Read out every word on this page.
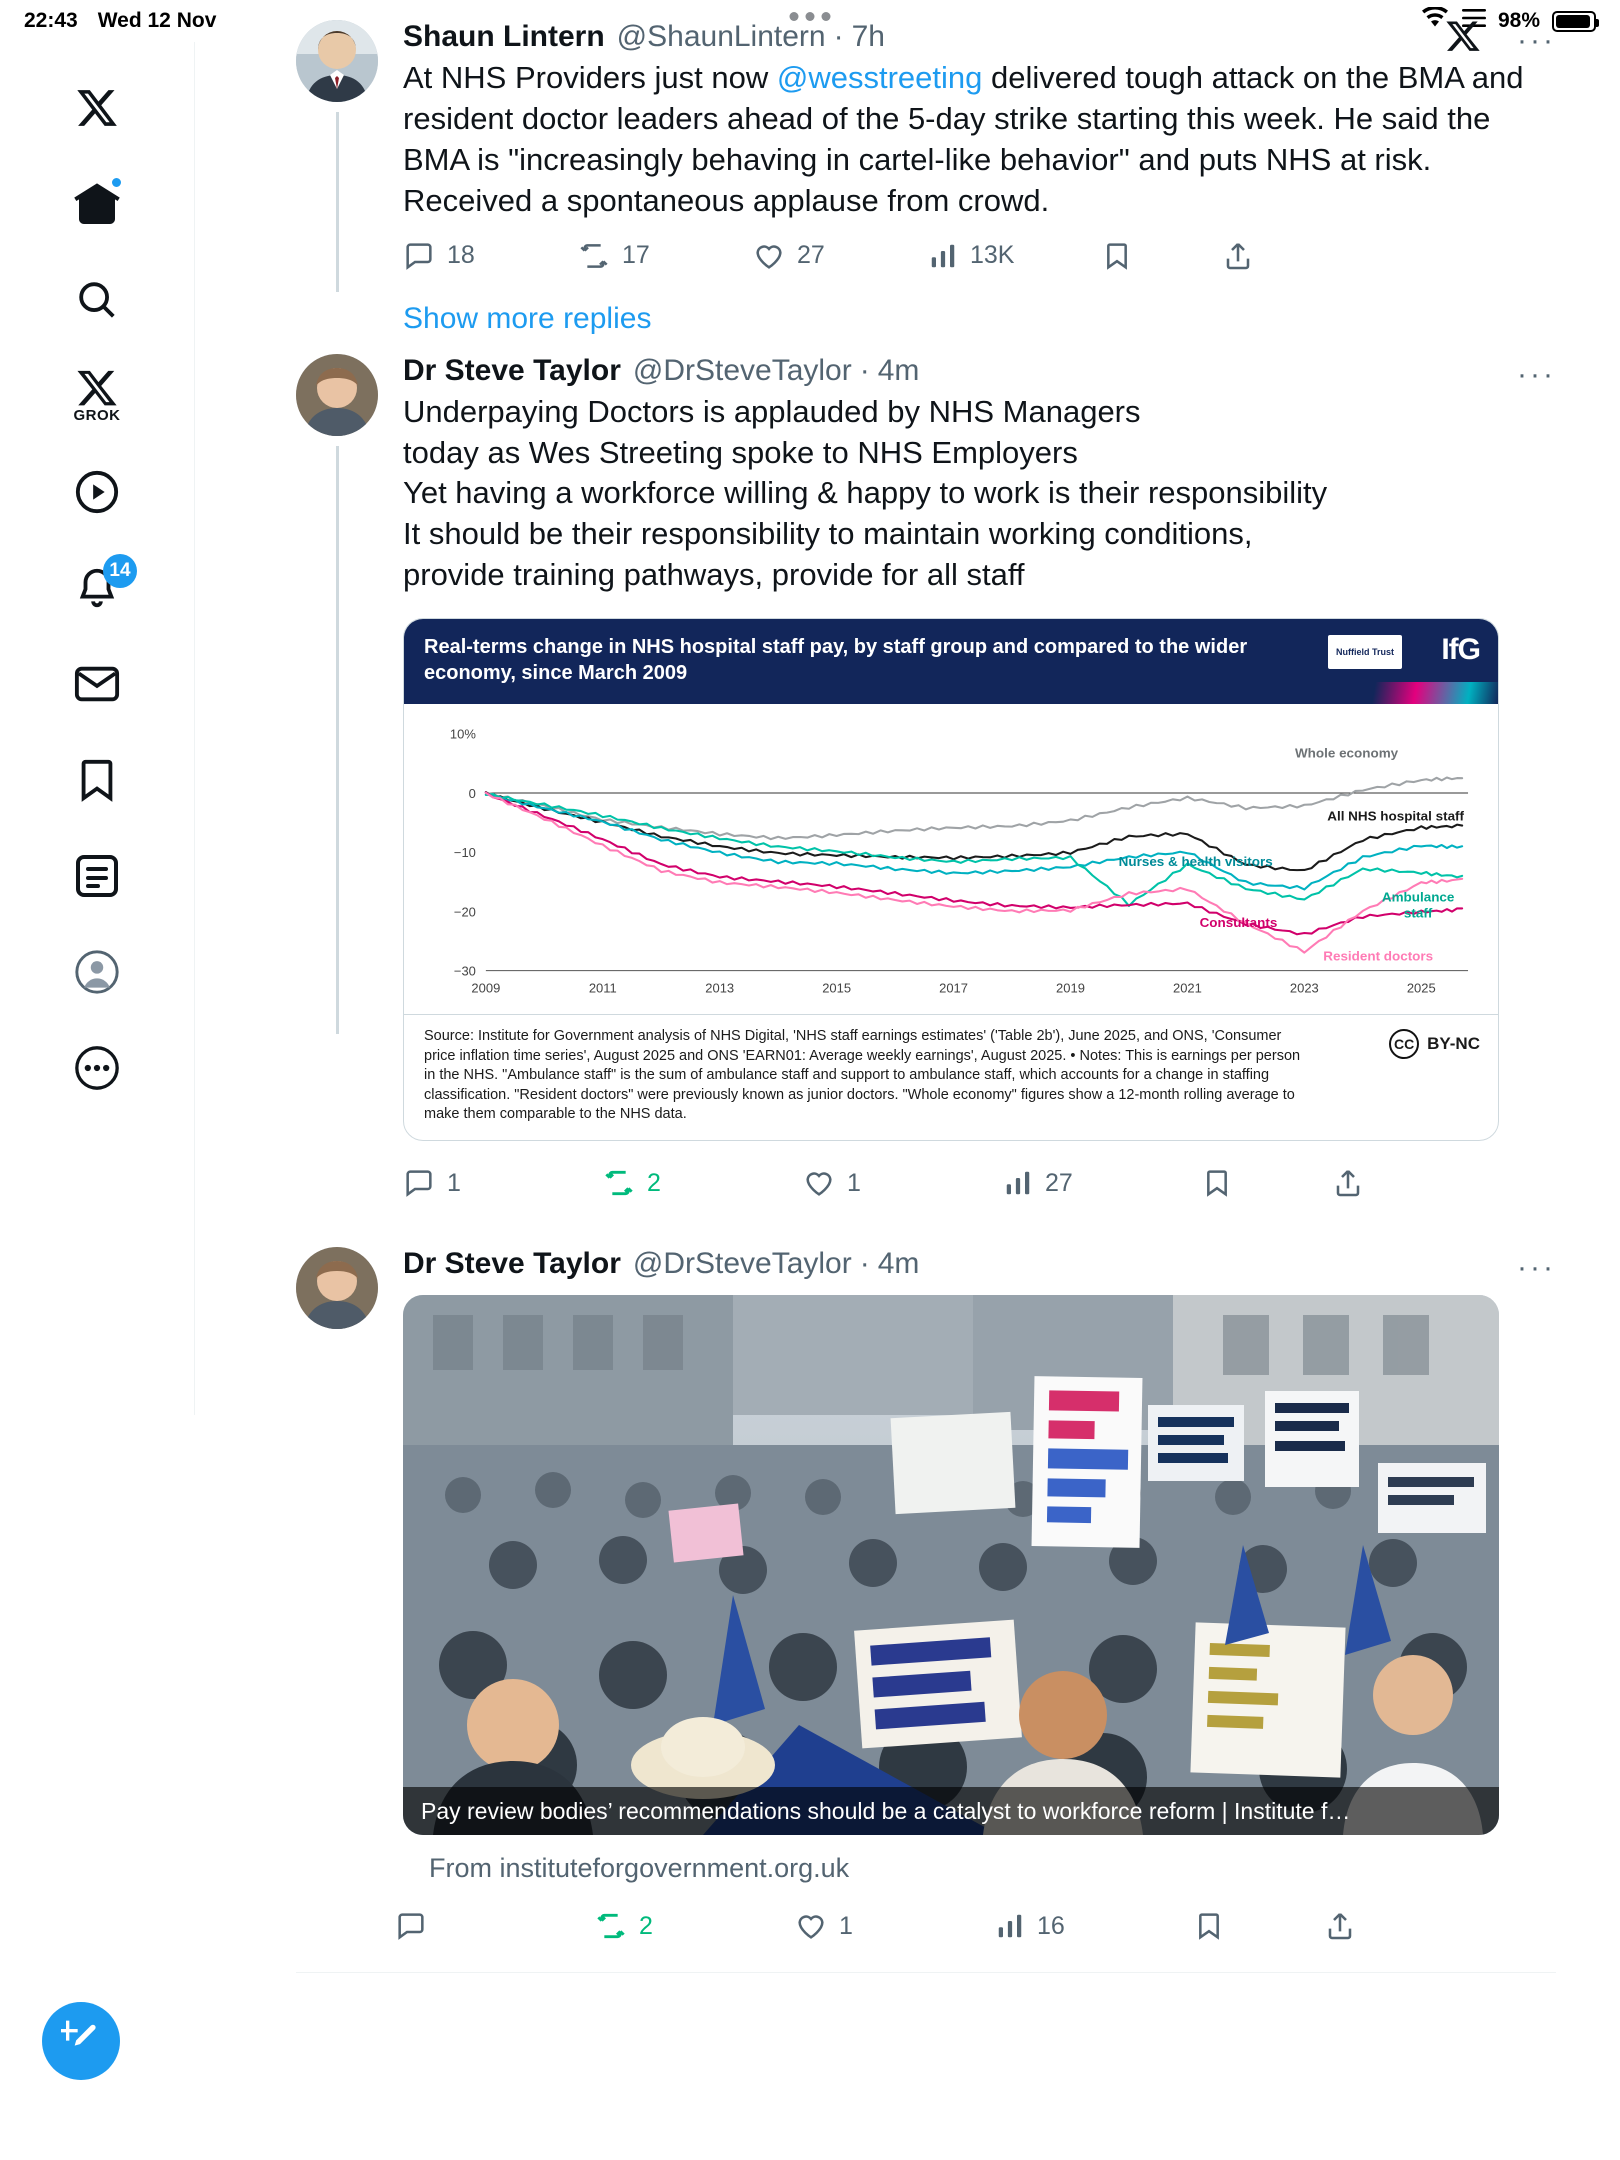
22:43 Wed 12 Nov	98%
GROK
14
Shaun Lintern @ShaunLintern · 7h	···
At NHS Providers just now @wesstreeting delivered tough attack on the BMA and resident doctor leaders ahead of the 5-day strike starting this week. He said the BMA is "increasingly behaving in cartel-like behavior" and puts NHS at risk. Received a spontaneous applause from crowd.
18	17	27	13K
Show more replies
Dr Steve Taylor @DrSteveTaylor · 4m	···
Underpaying Doctors is applauded by NHS Managers
today as Wes Streeting spoke to NHS Employers
Yet having a workforce willing & happy to work is their responsibility
It should be their responsibility to maintain working conditions,
provide training pathways, provide for all staff
Real-terms change in NHS hospital staff pay, by staff group and compared to the wider economy, since March 2009
Nuffield Trust IfG
10%
0
−10
−20
−30
2009	2011	2013	2015	2017	2019	2021	2023	2025
Whole economy
All NHS hospital staff
Nurses & health visitors
Ambulance
staff
Consultants
Resident doctors
Source: Institute for Government analysis of NHS Digital, 'NHS staff earnings estimates' ('Table 2b'), June 2025, and ONS, 'Consumer price inflation time series', August 2025 and ONS 'EARN01: Average weekly earnings', August 2025. • Notes: This is earnings per person in the NHS. "Ambulance staff" is the sum of ambulance staff and support to ambulance staff, which accounts for a change in staffing classification. "Resident doctors" were previously known as junior doctors. "Whole economy" figures show a 12-month rolling average to make them comparable to the NHS data.
CC BY-NC
1	2	1	27
Dr Steve Taylor @DrSteveTaylor · 4m	···
Pay review bodies’ recommendations should be a catalyst to workforce reform | Institute f…
From instituteforgovernment.org.uk
2	1	16
